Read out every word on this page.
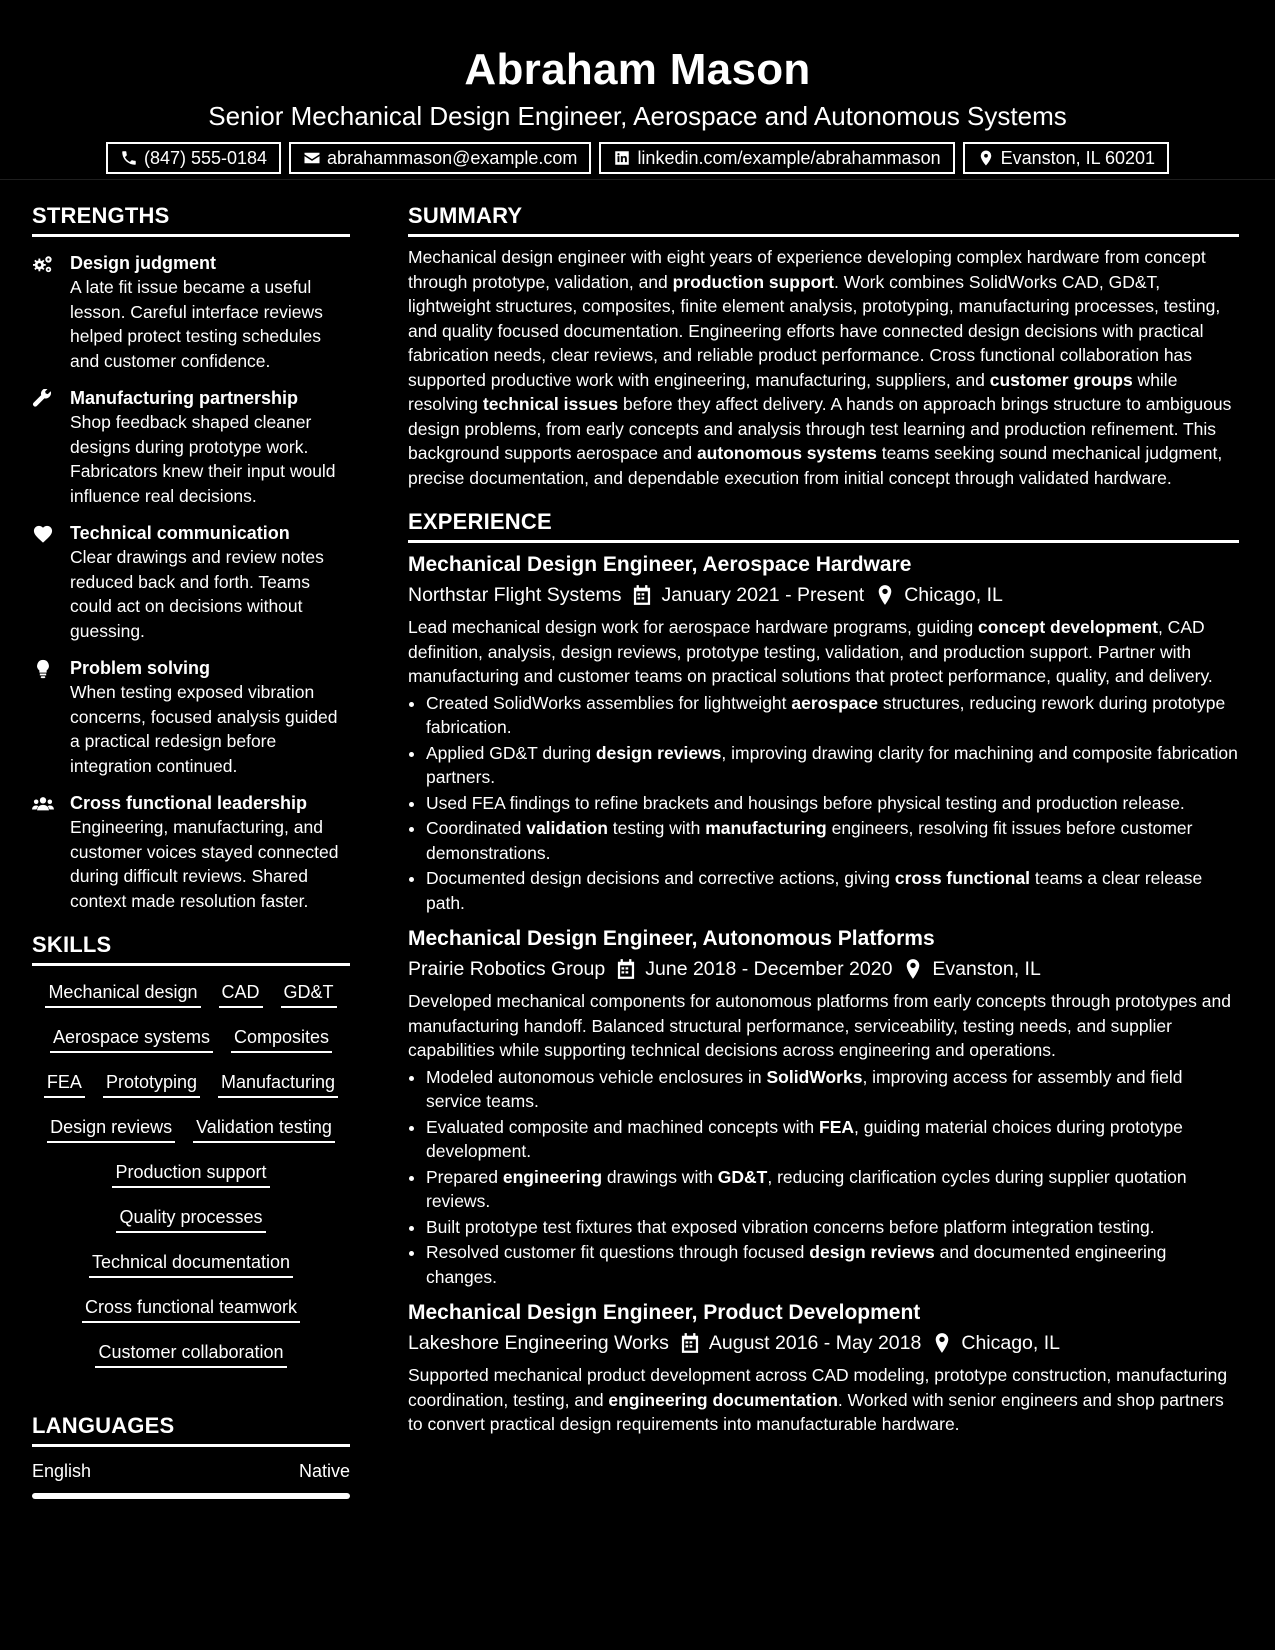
Abraham Mason
Senior Mechanical Design Engineer, Aerospace and Autonomous Systems
(847) 555-0184	abrahammason@example.com	linkedin.com/example/abrahammason	Evanston, IL 60201
STRENGTHS
Design judgment
A late fit issue became a useful lesson. Careful interface reviews helped protect testing schedules and customer confidence.
Manufacturing partnership
Shop feedback shaped cleaner designs during prototype work. Fabricators knew their input would influence real decisions.
Technical communication
Clear drawings and review notes reduced back and forth. Teams could act on decisions without guessing.
Problem solving
When testing exposed vibration concerns, focused analysis guided a practical redesign before integration continued.
Cross functional leadership
Engineering, manufacturing, and customer voices stayed connected during difficult reviews. Shared context made resolution faster.
SKILLS
Mechanical design CAD GD&T
Aerospace systems Composites
FEA Prototyping Manufacturing
Design reviews Validation testing
Production support
Quality processes
Technical documentation
Cross functional teamwork
Customer collaboration
LANGUAGES
English	Native
SUMMARY
Mechanical design engineer with eight years of experience developing complex hardware from concept through prototype, validation, and production support. Work combines SolidWorks CAD, GD&T, lightweight structures, composites, finite element analysis, prototyping, manufacturing processes, testing, and quality focused documentation. Engineering efforts have connected design decisions with practical fabrication needs, clear reviews, and reliable product performance. Cross functional collaboration has supported productive work with engineering, manufacturing, suppliers, and customer groups while resolving technical issues before they affect delivery. A hands on approach brings structure to ambiguous design problems, from early concepts and analysis through test learning and production refinement. This background supports aerospace and autonomous systems teams seeking sound mechanical judgment, precise documentation, and dependable execution from initial concept through validated hardware.
EXPERIENCE
Mechanical Design Engineer, Aerospace Hardware
Northstar Flight Systems January 2021 - Present Chicago, IL
Lead mechanical design work for aerospace hardware programs, guiding concept development, CAD definition, analysis, design reviews, prototype testing, validation, and production support. Partner with manufacturing and customer teams on practical solutions that protect performance, quality, and delivery.
• Created SolidWorks assemblies for lightweight aerospace structures, reducing rework during prototype fabrication.
• Applied GD&T during design reviews, improving drawing clarity for machining and composite fabrication partners.
• Used FEA findings to refine brackets and housings before physical testing and production release.
• Coordinated validation testing with manufacturing engineers, resolving fit issues before customer demonstrations.
• Documented design decisions and corrective actions, giving cross functional teams a clear release path.
Mechanical Design Engineer, Autonomous Platforms
Prairie Robotics Group June 2018 - December 2020 Evanston, IL
Developed mechanical components for autonomous platforms from early concepts through prototypes and manufacturing handoff. Balanced structural performance, serviceability, testing needs, and supplier capabilities while supporting technical decisions across engineering and operations.
• Modeled autonomous vehicle enclosures in SolidWorks, improving access for assembly and field service teams.
• Evaluated composite and machined concepts with FEA, guiding material choices during prototype development.
• Prepared engineering drawings with GD&T, reducing clarification cycles during supplier quotation reviews.
• Built prototype test fixtures that exposed vibration concerns before platform integration testing.
• Resolved customer fit questions through focused design reviews and documented engineering changes.
Mechanical Design Engineer, Product Development
Lakeshore Engineering Works August 2016 - May 2018 Chicago, IL
Supported mechanical product development across CAD modeling, prototype construction, manufacturing coordination, testing, and engineering documentation. Worked with senior engineers and shop partners to convert practical design requirements into manufacturable hardware.
